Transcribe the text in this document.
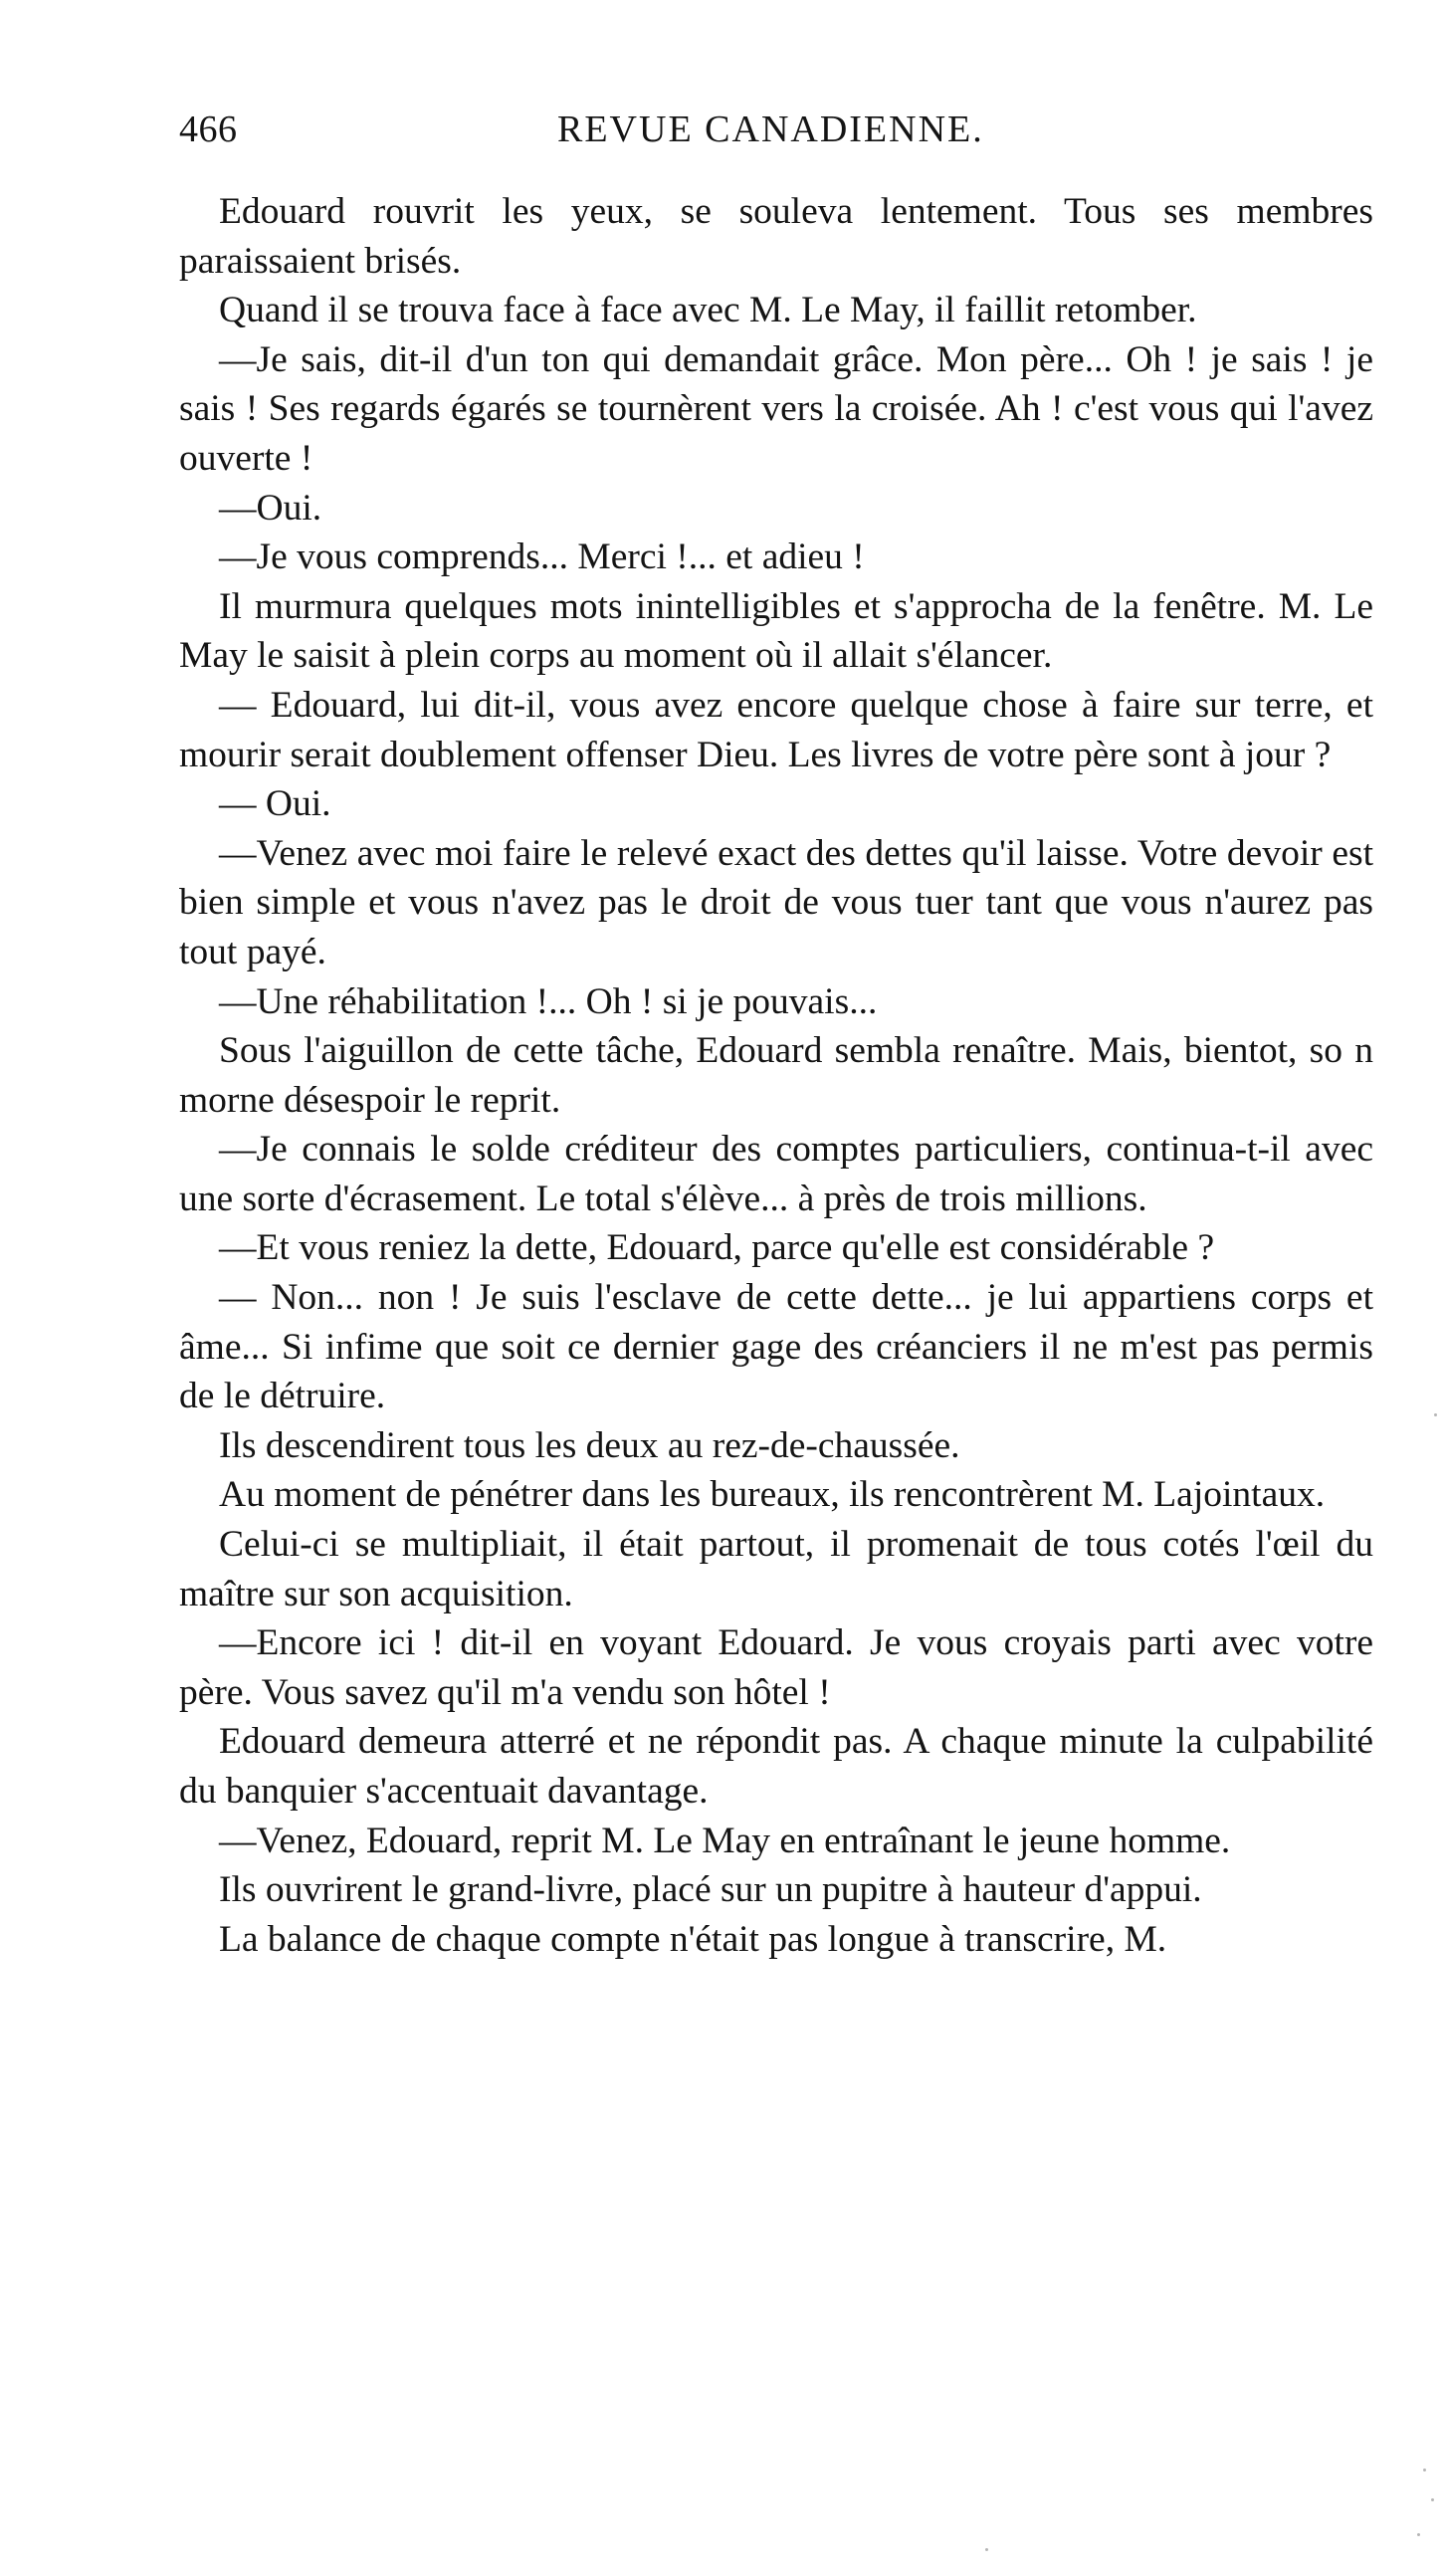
466	REVUE CANADIENNE.

Edouard rouvrit les yeux, se souleva lentement. Tous ses membres paraissaient brisés.

Quand il se trouva face à face avec M. Le May, il faillit retomber.

—Je sais, dit-il d'un ton qui demandait grâce. Mon père... Oh ! je sais ! je sais ! Ses regards égarés se tournèrent vers la croisée. Ah ! c'est vous qui l'avez ouverte !

—Oui.

—Je vous comprends... Merci !... et adieu !

Il murmura quelques mots inintelligibles et s'approcha de la fenêtre. M. Le May le saisit à plein corps au moment où il allait s'élancer.

— Edouard, lui dit-il, vous avez encore quelque chose à faire sur terre, et mourir serait doublement offenser Dieu. Les livres de votre père sont à jour ?

— Oui.

—Venez avec moi faire le relevé exact des dettes qu'il laisse. Votre devoir est bien simple et vous n'avez pas le droit de vous tuer tant que vous n'aurez pas tout payé.

—Une réhabilitation !... Oh ! si je pouvais...

Sous l'aiguillon de cette tâche, Edouard sembla renaître. Mais, bientot, so n morne désespoir le reprit.

—Je connais le solde créditeur des comptes particuliers, continua-t-il avec une sorte d'écrasement. Le total s'élève... à près de trois millions.

—Et vous reniez la dette, Edouard, parce qu'elle est considérable ?

— Non... non ! Je suis l'esclave de cette dette... je lui appartiens corps et âme... Si infime que soit ce dernier gage des créanciers il ne m'est pas permis de le détruire.

Ils descendirent tous les deux au rez-de-chaussée.

Au moment de pénétrer dans les bureaux, ils rencontrèrent M. Lajointaux.

Celui-ci se multipliait, il était partout, il promenait de tous cotés l'œil du maître sur son acquisition.

—Encore ici ! dit-il en voyant Edouard. Je vous croyais parti avec votre père. Vous savez qu'il m'a vendu son hôtel !

Edouard demeura atterré et ne répondit pas. A chaque minute la culpabilité du banquier s'accentuait davantage.

—Venez, Edouard, reprit M. Le May en entraînant le jeune homme.

Ils ouvrirent le grand-livre, placé sur un pupitre à hauteur d'appui.

La balance de chaque compte n'était pas longue à transcrire, M.
